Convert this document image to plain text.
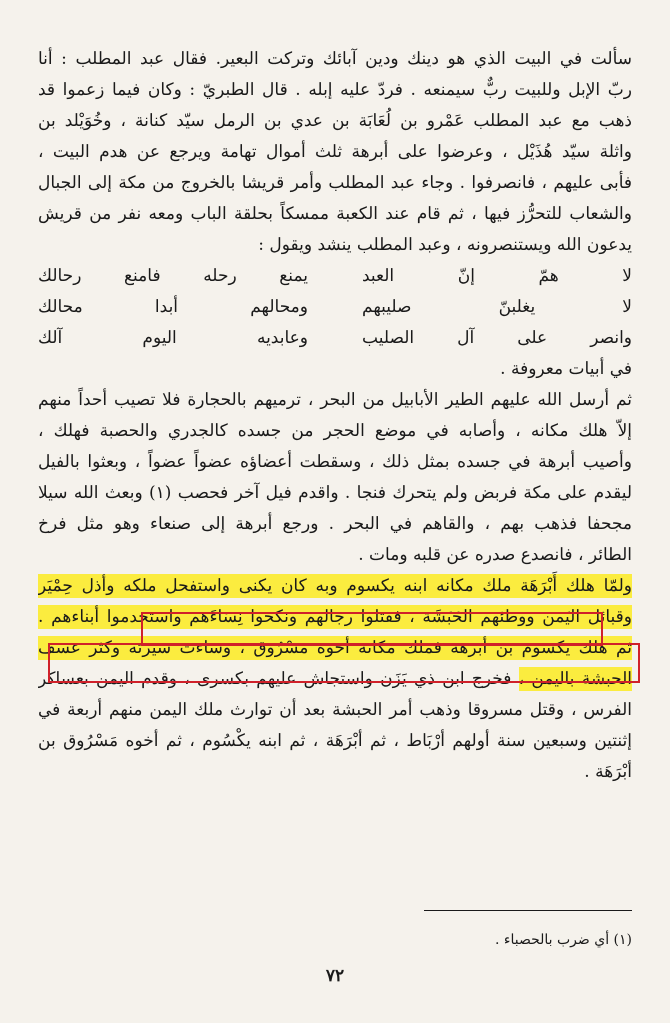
سألت في البيت الذي هو دينك ودين آبائك وتركت البعير. فقال عبد المطلب : أنا
ربّ الإبل وللبيت ربٌّ سيمنعه . فردّ عليه إبله . قال الطبريّ : وكان فيما زعموا قد
ذهب مع عبد المطلب عَمْرو بن لُعَابَة بن عدي بن الرمل سيّد كنانة ، وخُوَيْلد بن
واثلة سيّد هُذَيْل ، وعرضوا على أبرهة ثلث أموال تهامة ويرجع عن هدم البيت ،
فأبى عليهم ، فانصرفوا . وجاء عبد المطلب وأمر قريشا بالخروج من مكة إلى الجبال
والشعاب للتحرُّز فيها ، ثم قام عند الكعبة ممسكاً بحلقة الباب ومعه نفر من قريش
يدعون الله ويستنصرونه ، وعبد المطلب ينشد ويقول :
لا همّ إنّ العبد
يمنع رحله فامنع رحالك
لا يغلبنّ صليبهم
ومحالهم أبدا محالك
وانصر على آل الصليب
وعابديه اليوم آلك
في أبيات معروفة .
ثم أرسل الله عليهم الطير الأبابيل من البحر ، ترميهم بالحجارة فلا تصيب أحداً منهم
إلاّ هلك مكانه ، وأصابه في موضع الحجر من جسده كالجدري والحصبة فهلك ،
وأصيب أبرهة في جسده بمثل ذلك ، وسقطت أعضاؤه عضواً عضواً ، وبعثوا بالفيل
ليقدم على مكة فربض ولم يتحرك فنجا . واقدم فيل آخر فحصب (١) وبعث الله سيلا
مجحفا فذهب بهم ، والقاهم في البحر . ورجع أبرهة إلى صنعاء وهو مثل فرخ
الطائر ، فانصدع صدره عن قلبه ومات .
ولمّا هلك أَبْرَهَة ملك مكانه ابنه يكسوم وبه كان يكنى واستفحل ملكه وأذل حِمْيَر
وقبائل اليَمن ووطئهم الحَبَشَة ، فقتلوا رجالهم ونكحوا نِسَاءَهم واستخدموا أبناءهم .
ثم هلك يكسوم بن أبرهة فملك مكانه أخوه مسْرُوق ، وساءت سيرته وكثر عسف
الحبشة باليمن ، فخرج ابن ذي يَزَن واستجاش عليهم بكسرى ، وقدم اليمن بعساكر
الفرس ، وقتل مسروقا وذهب أمر الحبشة بعد أن توارث ملك اليمن منهم أربعة في
إثنتين وسبعين سنة أولهم أرْبَاط ، ثم أبْرَهَة ، ثم ابنه يكْسُوم ، ثم أخوه مَسْرُوق بن
أبْرَهَة .
(١) أي ضرب بالحصباء .
٧٢
